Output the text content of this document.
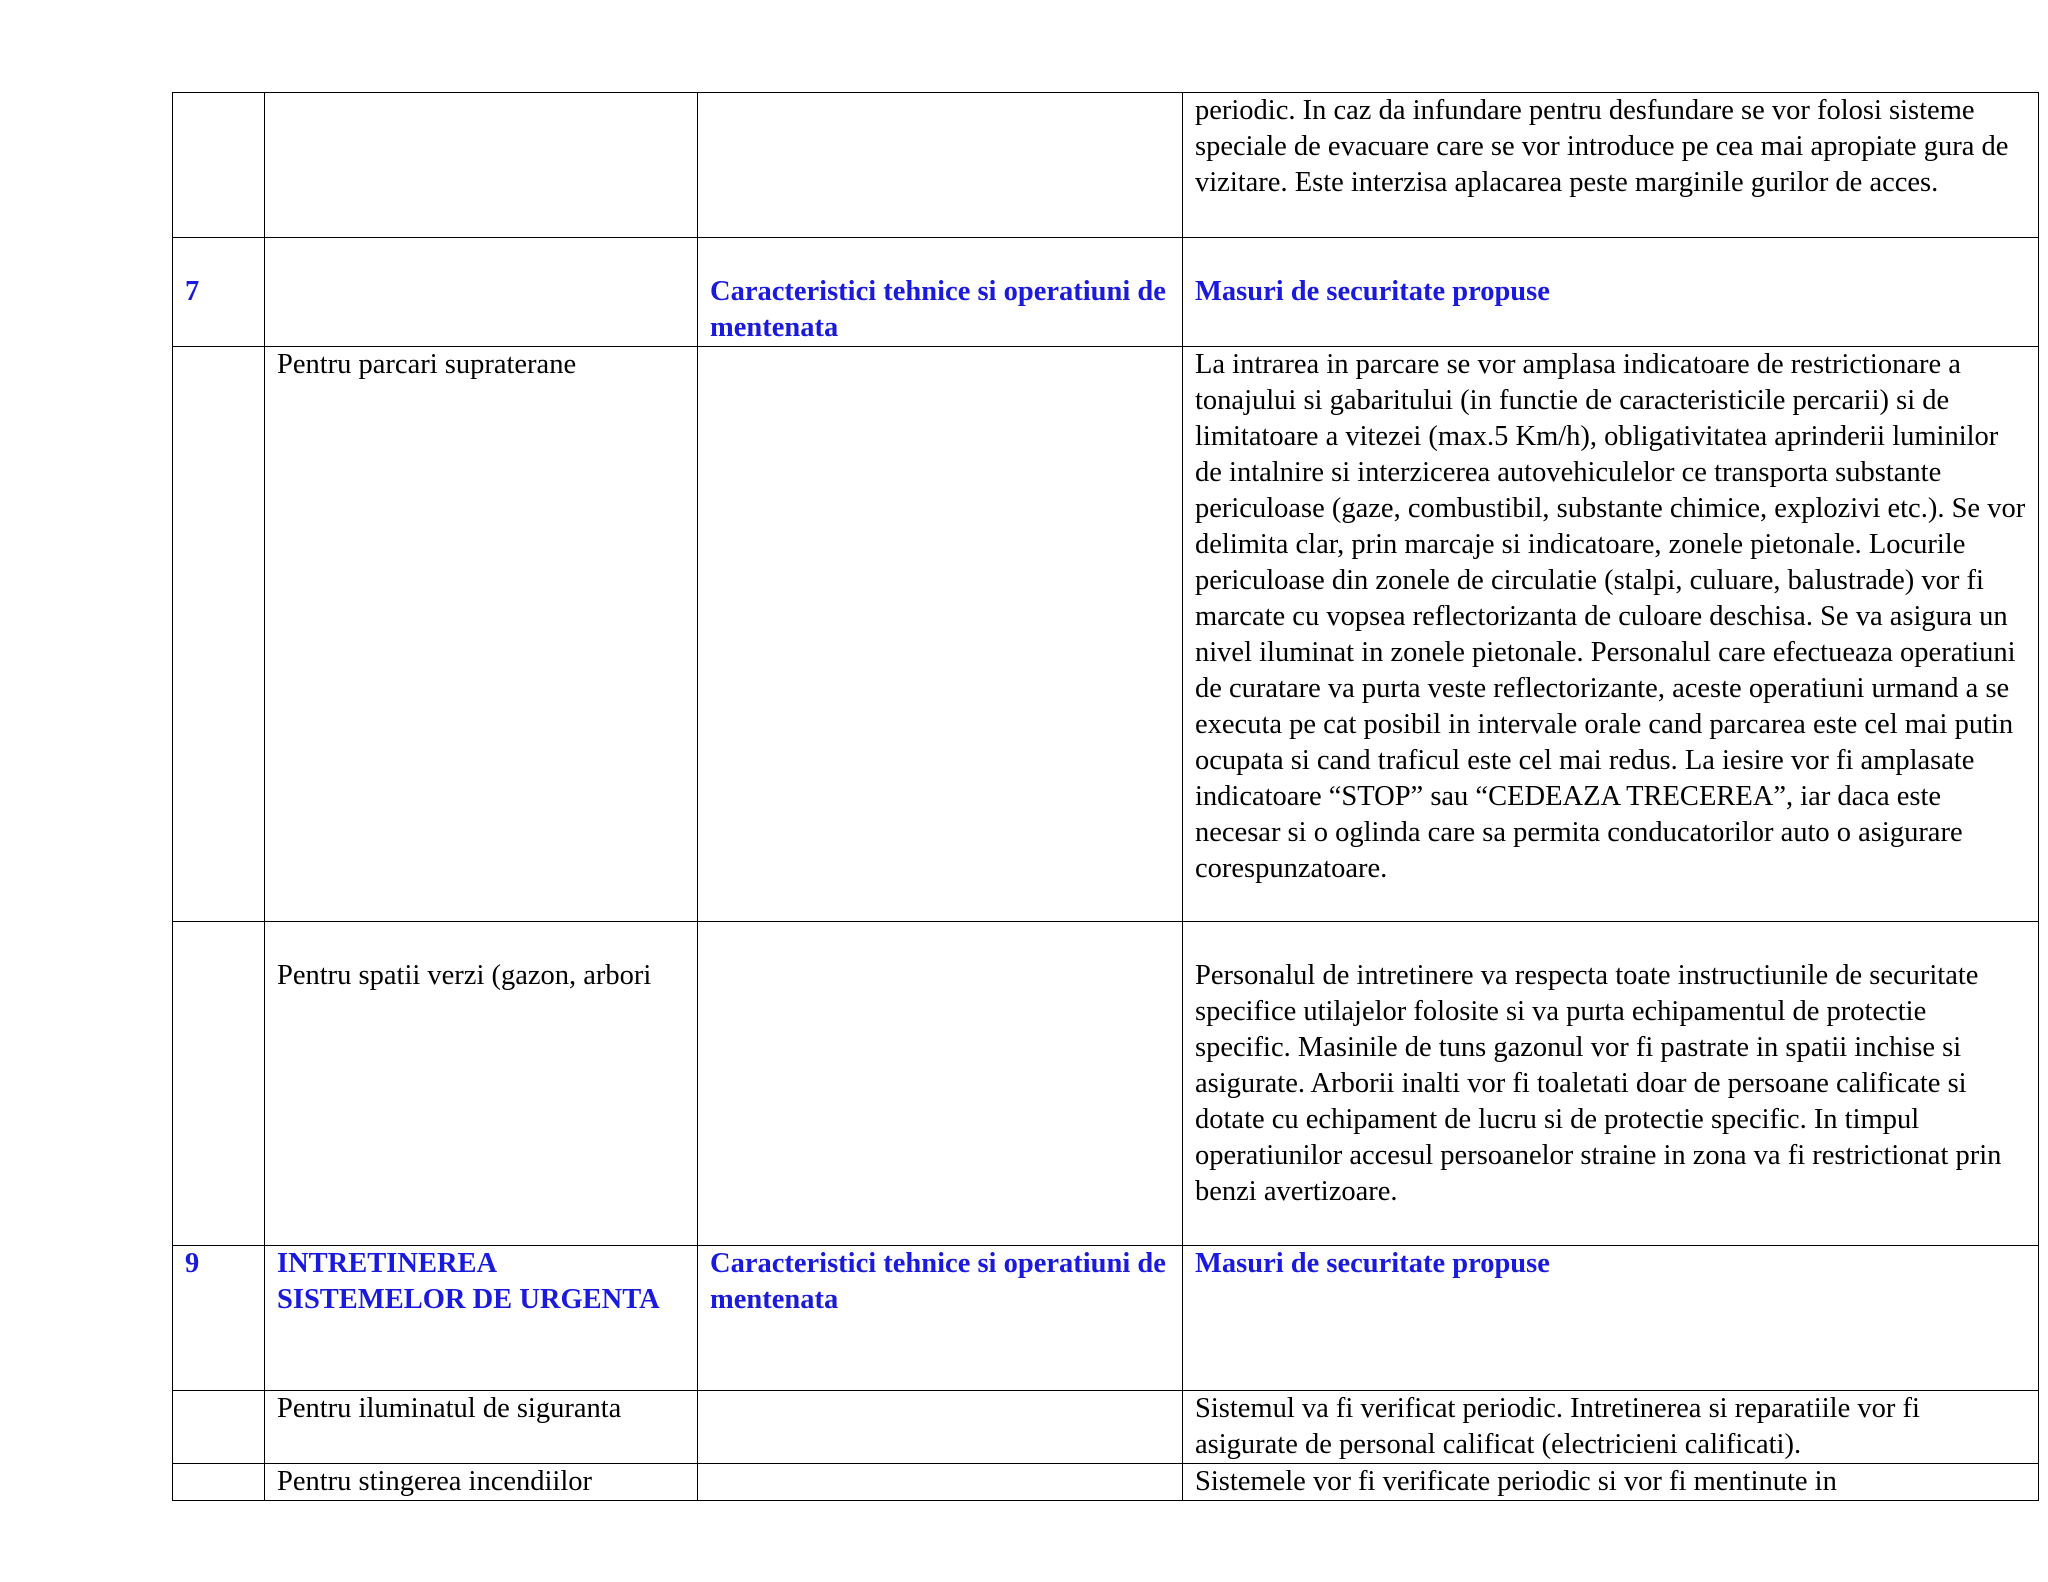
			periodic. In caz da infundare pentru desfundare se vor folosi sisteme speciale de evacuare care se vor introduce pe cea mai apropiate gura de vizitare. Este interzisa aplacarea peste marginile gurilor de acces.

7		Caracteristici tehnice si operatiuni de mentenata	Masuri de securitate propuse

	Pentru parcari supraterane		La intrarea in parcare se vor amplasa indicatoare de restrictionare a tonajului si gabaritului (in functie de caracteristicile percarii) si de limitatoare a vitezei (max.5 Km/h), obligativitatea aprinderii luminilor de intalnire si interzicerea autovehiculelor ce transporta substante periculoase (gaze, combustibil, substante chimice, explozivi etc.). Se vor delimita clar, prin marcaje si indicatoare, zonele pietonale. Locurile periculoase din zonele de circulatie (stalpi, culuare, balustrade) vor fi marcate cu vopsea reflectorizanta de culoare deschisa. Se va asigura un nivel iluminat in zonele pietonale. Personalul care efectueaza operatiuni de curatare va purta veste reflectorizante, aceste operatiuni urmand a se executa pe cat posibil in intervale orale cand parcarea este cel mai putin ocupata si cand traficul este cel mai redus. La iesire vor fi amplasate indicatoare “STOP” sau “CEDEAZA TRECEREA”, iar daca este necesar si o oglinda care sa permita conducatorilor auto o asigurare corespunzatoare.

	Pentru spatii verzi (gazon, arbori		Personalul de intretinere va respecta toate instructiunile de securitate specifice utilajelor folosite si va purta echipamentul de protectie specific. Masinile de tuns gazonul vor fi pastrate in spatii inchise si asigurate. Arborii inalti vor fi toaletati doar de persoane calificate si dotate cu echipament de lucru si de protectie specific. In timpul operatiunilor accesul persoanelor straine in zona va fi restrictionat prin benzi avertizoare.

9	INTRETINEREA SISTEMELOR DE URGENTA	Caracteristici tehnice si operatiuni de mentenata	Masuri de securitate propuse

	Pentru iluminatul de siguranta		Sistemul va fi verificat periodic. Intretinerea si reparatiile vor fi asigurate de personal calificat (electricieni calificati).

	Pentru stingerea incendiilor		Sistemele vor fi verificate periodic si vor fi mentinute in
